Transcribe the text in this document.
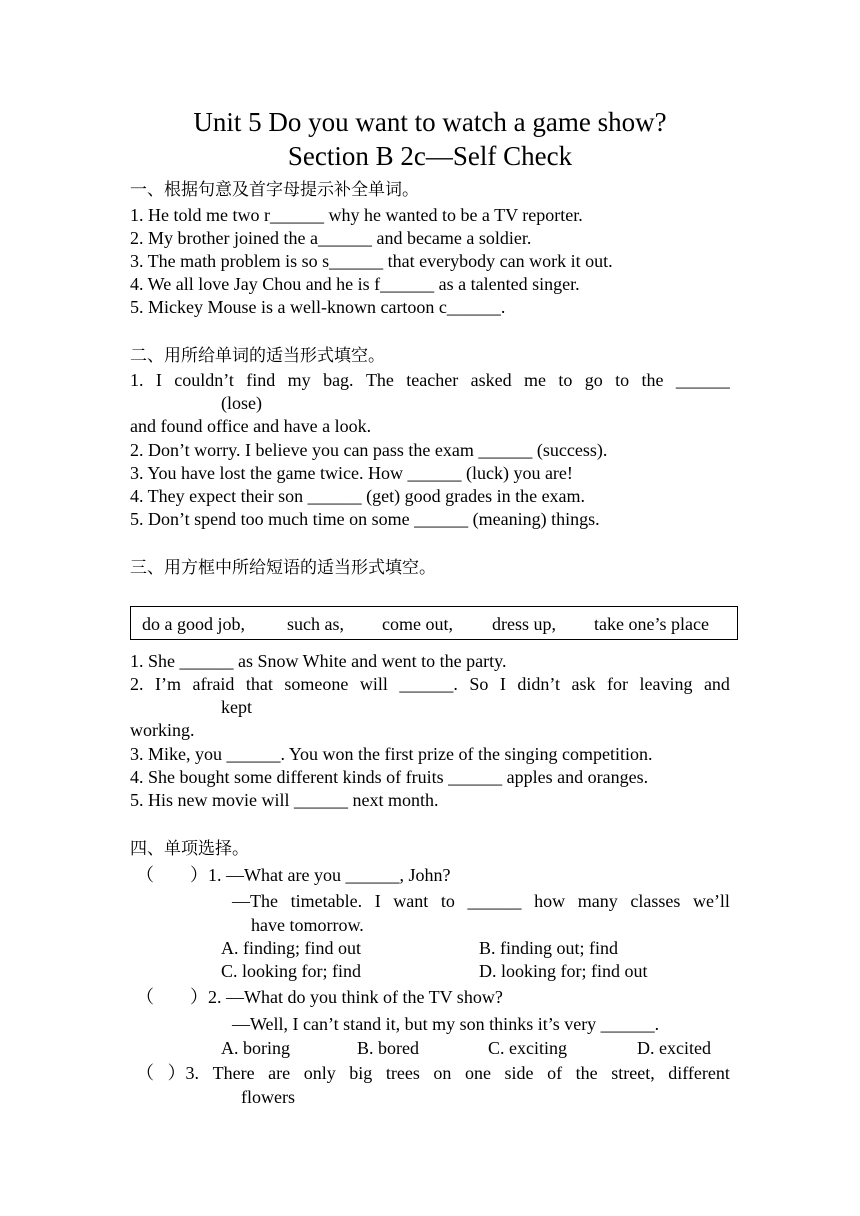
Unit 5 Do you want to watch a game show?
Section B 2c—Self Check
一、根据句意及首字母提示补全单词。
1. He told me two r______ why he wanted to be a TV reporter.
2. My brother joined the a______ and became a soldier.
3. The math problem is so s______ that everybody can work it out.
4. We all love Jay Chou and he is f______ as a talented singer.
5. Mickey Mouse is a well-known cartoon c______.
二、用所给单词的适当形式填空。
1. I couldn’t find my bag. The teacher asked me to go to the ______
(lose)
and found office and have a look.
2. Don’t worry. I believe you can pass the exam ______ (success).
3. You have lost the game twice. How ______ (luck) you are!
4. They expect their son ______ (get) good grades in the exam.
5. Don’t spend too much time on some ______ (meaning) things.
三、用方框中所给短语的适当形式填空。
do a good job, such as, come out, dress up, take one’s place
1. She ______ as Snow White and went to the party.
2. I’m afraid that someone will ______. So I didn’t ask for leaving and
kept
working.
3. Mike, you ______. You won the first prize of the singing competition.
4. She bought some different kinds of fruits ______ apples and oranges.
5. His new movie will ______ next month.
四、单项选择。
（　　）1. —What are you ______, John?
—The timetable. I want to ______ how many classes we’ll
have tomorrow.
A. finding; find out	B. finding out; find
C. looking for; find	D. looking for; find out
（　　）2. —What do you think of the TV show?
—Well, I can’t stand it, but my son thinks it’s very ______.
A. boring	B. bored	C. exciting	D. excited
（ ）3. There are only big trees on one side of the street, different
flowers
